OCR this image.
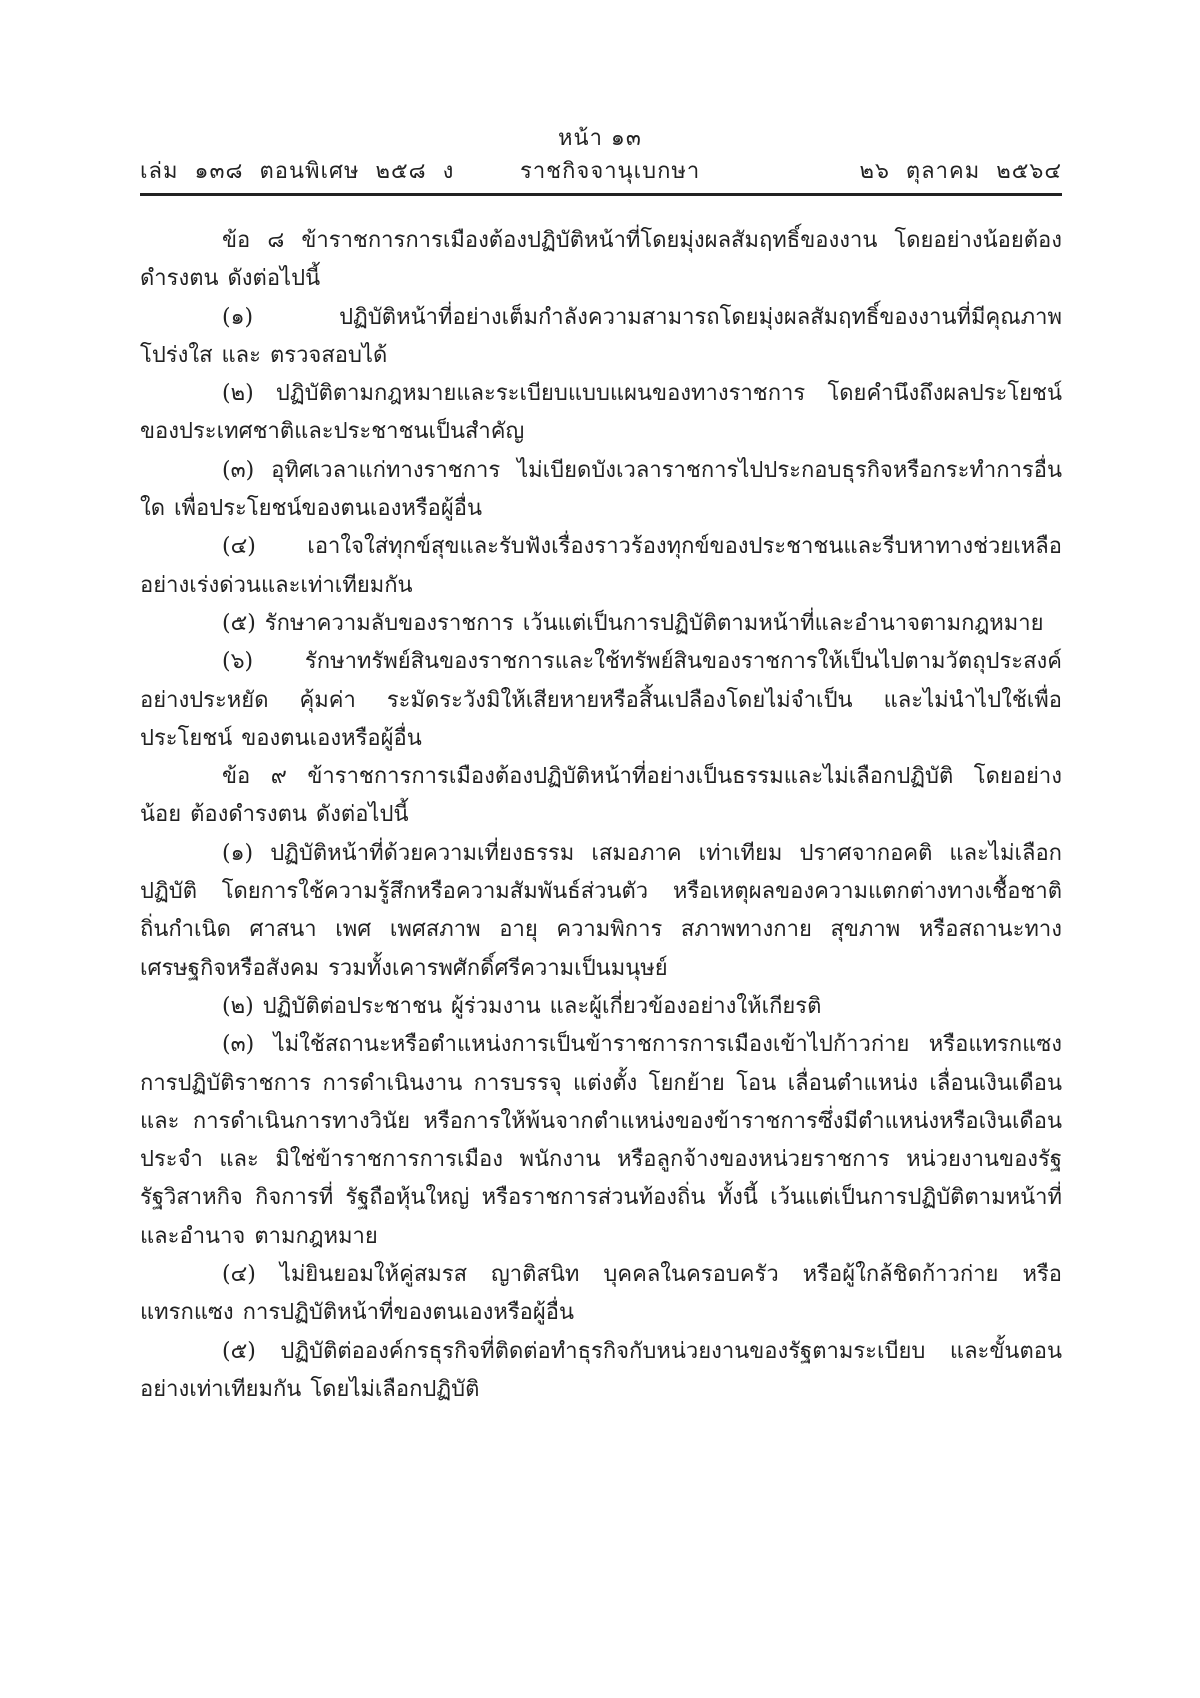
หน้า ๑๓
เล่ม ๑๓๘ ตอนพิเศษ ๒๕๘ ง	ราชกิจจานุเบกษา	๒๖ ตุลาคม ๒๕๖๔

ข้อ ๘ ข้าราชการการเมืองต้องปฏิบัติหน้าที่โดยมุ่งผลสัมฤทธิ์ของงาน โดยอย่างน้อยต้องดำรงตน ดังต่อไปนี้

(๑) ปฏิบัติหน้าที่อย่างเต็มกำลังความสามารถโดยมุ่งผลสัมฤทธิ์ของงานที่มีคุณภาพ โปร่งใส และ ตรวจสอบได้

(๒) ปฏิบัติตามกฎหมายและระเบียบแบบแผนของทางราชการ โดยคำนึงถึงผลประโยชน์ ของประเทศชาติและประชาชนเป็นสำคัญ

(๓) อุทิศเวลาแก่ทางราชการ ไม่เบียดบังเวลาราชการไปประกอบธุรกิจหรือกระทำการอื่นใด เพื่อประโยชน์ของตนเองหรือผู้อื่น

(๔) เอาใจใส่ทุกข์สุขและรับฟังเรื่องราวร้องทุกข์ของประชาชนและรีบหาทางช่วยเหลือ อย่างเร่งด่วนและเท่าเทียมกัน

(๕) รักษาความลับของราชการ เว้นแต่เป็นการปฏิบัติตามหน้าที่และอำนาจตามกฎหมาย

(๖) รักษาทรัพย์สินของราชการและใช้ทรัพย์สินของราชการให้เป็นไปตามวัตถุประสงค์ อย่างประหยัด คุ้มค่า ระมัดระวังมิให้เสียหายหรือสิ้นเปลืองโดยไม่จำเป็น และไม่นำไปใช้เพื่อประโยชน์ ของตนเองหรือผู้อื่น

ข้อ ๙ ข้าราชการการเมืองต้องปฏิบัติหน้าที่อย่างเป็นธรรมและไม่เลือกปฏิบัติ โดยอย่างน้อย ต้องดำรงตน ดังต่อไปนี้

(๑) ปฏิบัติหน้าที่ด้วยความเที่ยงธรรม เสมอภาค เท่าเทียม ปราศจากอคติ และไม่เลือกปฏิบัติ โดยการใช้ความรู้สึกหรือความสัมพันธ์ส่วนตัว หรือเหตุผลของความแตกต่างทางเชื้อชาติ ถิ่นกำเนิด ศาสนา เพศ เพศสภาพ อายุ ความพิการ สภาพทางกาย สุขภาพ หรือสถานะทางเศรษฐกิจหรือสังคม รวมทั้งเคารพศักดิ์ศรีความเป็นมนุษย์

(๒) ปฏิบัติต่อประชาชน ผู้ร่วมงาน และผู้เกี่ยวข้องอย่างให้เกียรติ

(๓) ไม่ใช้สถานะหรือตำแหน่งการเป็นข้าราชการการเมืองเข้าไปก้าวก่าย หรือแทรกแซง การปฏิบัติราชการ การดำเนินงาน การบรรจุ แต่งตั้ง โยกย้าย โอน เลื่อนตำแหน่ง เลื่อนเงินเดือน และ การดำเนินการทางวินัย หรือการให้พ้นจากตำแหน่งของข้าราชการซึ่งมีตำแหน่งหรือเงินเดือนประจำ และ มิใช่ข้าราชการการเมือง พนักงาน หรือลูกจ้างของหน่วยราชการ หน่วยงานของรัฐ รัฐวิสาหกิจ กิจการที่ รัฐถือหุ้นใหญ่ หรือราชการส่วนท้องถิ่น ทั้งนี้ เว้นแต่เป็นการปฏิบัติตามหน้าที่และอำนาจ ตามกฎหมาย

(๔) ไม่ยินยอมให้คู่สมรส ญาติสนิท บุคคลในครอบครัว หรือผู้ใกล้ชิดก้าวก่าย หรือแทรกแซง การปฏิบัติหน้าที่ของตนเองหรือผู้อื่น

(๕) ปฏิบัติต่อองค์กรธุรกิจที่ติดต่อทำธุรกิจกับหน่วยงานของรัฐตามระเบียบ และขั้นตอน อย่างเท่าเทียมกัน โดยไม่เลือกปฏิบัติ
